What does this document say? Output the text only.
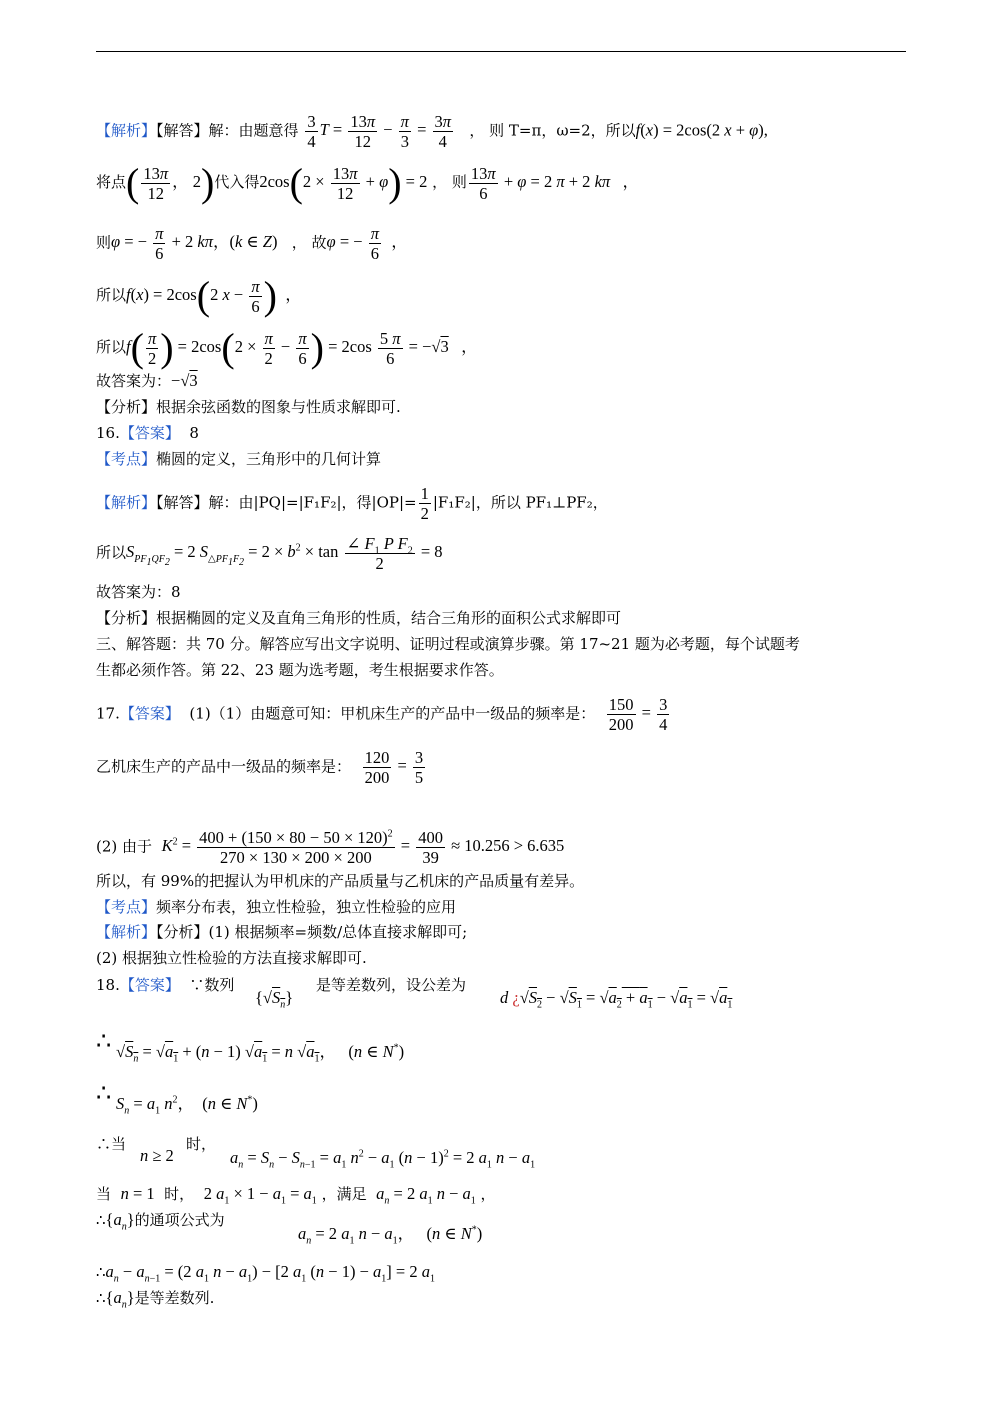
【解析】【解答】解：由题意得 $\frac{3}{4}$ $T = \frac{13\pi}{12} - \frac{\pi}{3} = \frac{3\pi}{4}$ ， 则 T=π，ω=2，所以f(x) = 2cos(2 x + φ),
将点( $\frac{13\pi}{12}$ ， 2)代入得$2\cos(2 \times \frac{13\pi}{12} + \varphi) = 2$ ， 则 $\frac{13\pi}{6} + \varphi = 2$ π + 2 kπ   ，
则φ = − $\frac{\pi}{6} + 2$ kπ，(k ∈ Z) ， 故φ = − $\frac{\pi}{6}$ ，
所以f(x) = 2cos(2 $x - \frac{\pi}{6}$ )  ，
所以$f( \frac{\pi}{2}$ ) = $2\cos(2 \times \frac{\pi}{2} - \frac{\pi}{6}$ ) = $2\cos \frac{5 \pi}{6} = -√3$   ，
故答案为：−√3
【分析】根据余弦函数的图象与性质求解即可.
16.【答案】 8
【考点】椭圆的定义，三角形中的几何计算
【解析】【解答】解：由|PQ|=|F₁F₂|，得$|OP|= \frac{1}{2} |F_1F_2|$，所以 PF₁⊥PF₂，
所以$S_{PF_1QF_2} = 2$ $S_{\triangle PF_1F_2} = 2 \times b^2 \times \tan \frac{\angle F_1 P F_2}{2} = 8$
故答案为：8
【分析】根据椭圆的定义及直角三角形的性质，结合三角形的面积公式求解即可
三、解答题：共 70 分。解答应写出文字说明、证明过程或演算步骤。第 17~21 题为必考题，每个试题考
生都必须作答。第 22、23 题为选考题，考生根据要求作答。
17.【答案】 (1)（1）由题意可知：甲机床生产的产品中一级品的频率是： $\frac{150}{200} = \frac{3}{4}$
乙机床生产的产品中一级品的频率是： $\frac{120}{200} = \frac{3}{5}$
(2) 由于 $K^2 = \frac{400 + (150 \times 80 - 50 \times 120)^2}{270 \times 130 \times 200 \times 200} = \frac{400}{39} \approx 10.256 > 6.635$
所以，有 99%的把握认为甲机床的产品质量与乙机床的产品质量有差异。
【考点】频率分布表，独立性检验，独立性检验的应用
【解析】【分析】(1) 根据频率=频数/总体直接求解即可;
(2) 根据独立性检验的方法直接求解即可.
18.【答案】 ∵数列
$\{√S_n\}$
是等差数列，设公差为
d ¿$√S_2 - √S_1 = √a_2 + a_1 - √a_1 = √a_1$
∴ $√S_n = √a_1 + (n - 1) √a_1 = n$ $√a_1$，   (n ∈ N*)
∴ $S_n = a_1$ $n^2$，  (n ∈ N*)
∴当
n ≥ 2
时，
$a_n = S_n - S_{n-1} = a_1$ $n^2 - a_1$ $(n - 1)^2 = 2$ $a_1$ $n - a_1$
当 n = 1 时， 2 $a_1 \times 1 - a_1 = a_1$ ，满足 $a_n = 2$ $a_1$ $n - a_1$ ，
$\therefore\{a_n\}$的通项公式为
$a_n = 2$ $a_1$ $n - a_1$，   (n ∈ N*)
$\therefore a_n - a_{n-1} = (2$ $a_1$ $n - a_1) - [2$ $a_1$ $(n - 1) - a_1] = 2$ $a_1$
$\therefore\{a_n\}$是等差数列.
